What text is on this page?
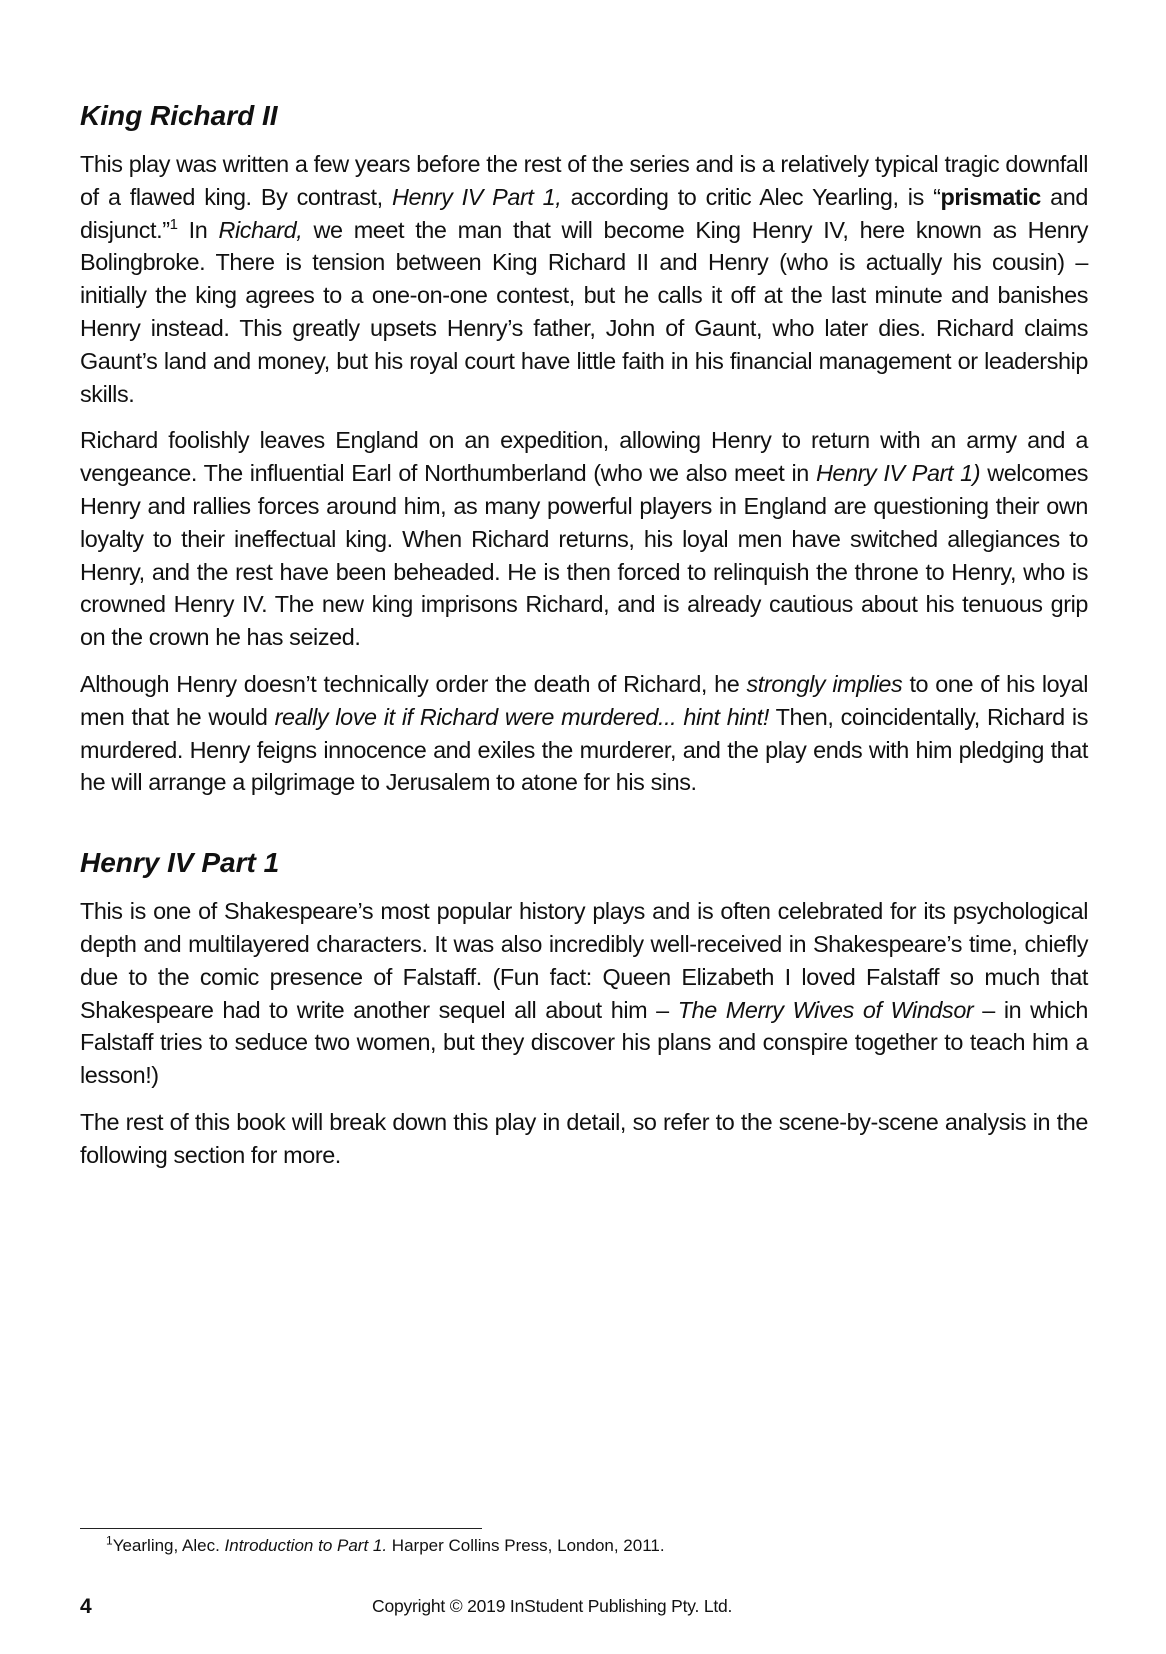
King Richard II

This play was written a few years before the rest of the series and is a relatively typical tragic downfall of a flawed king. By contrast, Henry IV Part 1, according to critic Alec Yearling, is “prismatic and disjunct.”$^1$ In Richard, we meet the man that will become King Henry IV, here known as Henry Bolingbroke. There is tension between King Richard II and Henry (who is actually his cousin) – initially the king agrees to a one-on-one contest, but he calls it off at the last minute and banishes Henry instead. This greatly upsets Henry’s father, John of Gaunt, who later dies. Richard claims Gaunt’s land and money, but his royal court have little faith in his financial management or leadership skills.

Richard foolishly leaves England on an expedition, allowing Henry to return with an army and a vengeance. The influential Earl of Northumberland (who we also meet in Henry IV Part 1) welcomes Henry and rallies forces around him, as many powerful players in England are questioning their own loyalty to their ineffectual king. When Richard returns, his loyal men have switched allegiances to Henry, and the rest have been beheaded. He is then forced to relinquish the throne to Henry, who is crowned Henry IV. The new king imprisons Richard, and is already cautious about his tenuous grip on the crown he has seized.

Although Henry doesn’t technically order the death of Richard, he strongly implies to one of his loyal men that he would really love it if Richard were murdered... hint hint! Then, coincidentally, Richard is murdered. Henry feigns innocence and exiles the murderer, and the play ends with him pledging that he will arrange a pilgrimage to Jerusalem to atone for his sins.

Henry IV Part 1

This is one of Shakespeare’s most popular history plays and is often celebrated for its psychological depth and multilayered characters. It was also incredibly well-received in Shakespeare’s time, chiefly due to the comic presence of Falstaff. (Fun fact: Queen Elizabeth I loved Falstaff so much that Shakespeare had to write another sequel all about him – The Merry Wives of Windsor – in which Falstaff tries to seduce two women, but they discover his plans and conspire together to teach him a lesson!)

The rest of this book will break down this play in detail, so refer to the scene-by-scene analysis in the following section for more.

$^1$Yearling, Alec. Introduction to Part 1. Harper Collins Press, London, 2011.
4	Copyright © 2019 InStudent Publishing Pty. Ltd.
